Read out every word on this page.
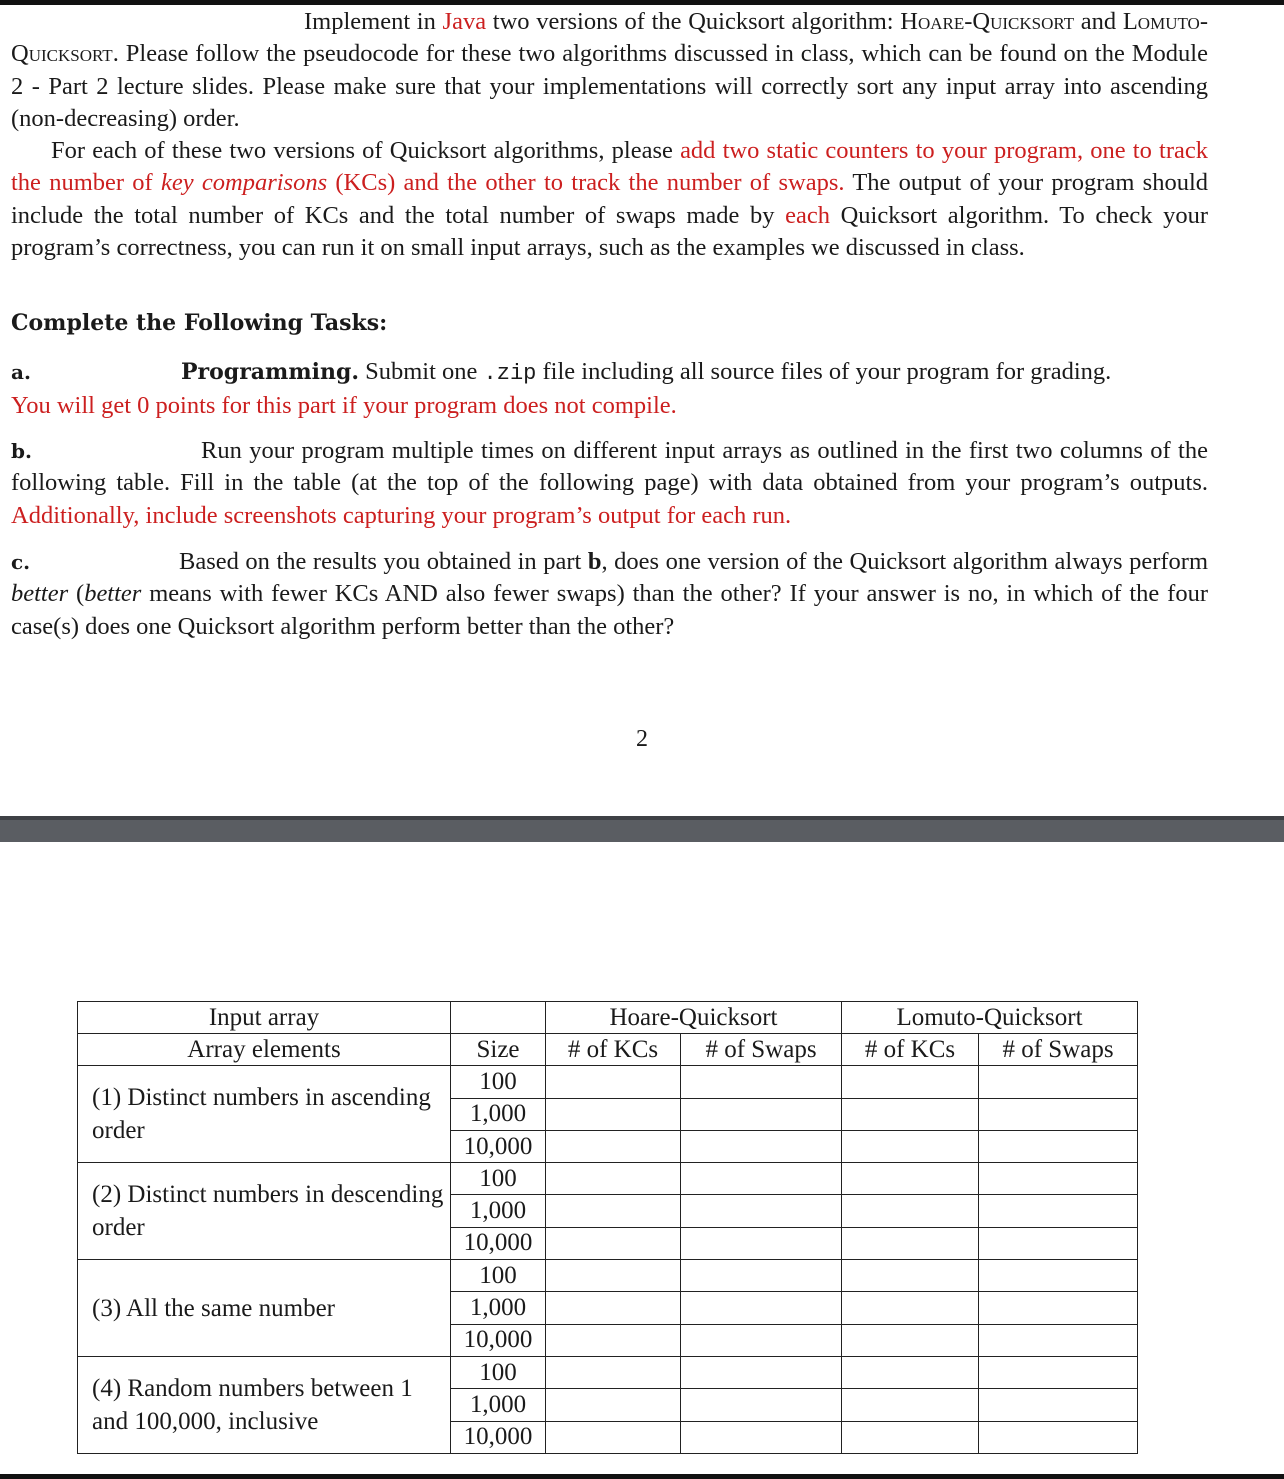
Implement in Java two versions of the Quicksort algorithm: Hoare-Quicksort and Lomuto-Quicksort. Please follow the pseudocode for these two algorithms discussed in class, which can be found on the Module 2 - Part 2 lecture slides. Please make sure that your implementations will correctly sort any input array into ascending (non-decreasing) order.
For each of these two versions of Quicksort algorithms, please add two static counters to your program, one to track the number of key comparisons (KCs) and the other to track the number of swaps. The output of your program should include the total number of KCs and the total number of swaps made by each Quicksort algorithm. To check your program’s correctness, you can run it on small input arrays, such as the examples we discussed in class.
Complete the Following Tasks:
a.	Programming. Submit one .zip file including all source files of your program for grading.
You will get 0 points for this part if your program does not compile.
b.	Run your program multiple times on different input arrays as outlined in the first two columns of the following table. Fill in the table (at the top of the following page) with data obtained from your program’s outputs. Additionally, include screenshots capturing your program’s output for each run.
c.	Based on the results you obtained in part b, does one version of the Quicksort algorithm always perform better (better means with fewer KCs AND also fewer swaps) than the other? If your answer is no, in which of the four case(s) does one Quicksort algorithm perform better than the other?
2
Input array		Hoare-Quicksort		Lomuto-Quicksort	
Array elements	Size	# of KCs	# of Swaps	# of KCs	# of Swaps
(1) Distinct numbers in ascending order	100				
	1,000				
	10,000				
(2) Distinct numbers in descending order	100				
	1,000				
	10,000				
(3) All the same number	100				
	1,000				
	10,000				
(4) Random numbers between 1 and 100,000, inclusive	100				
	1,000				
	10,000				
